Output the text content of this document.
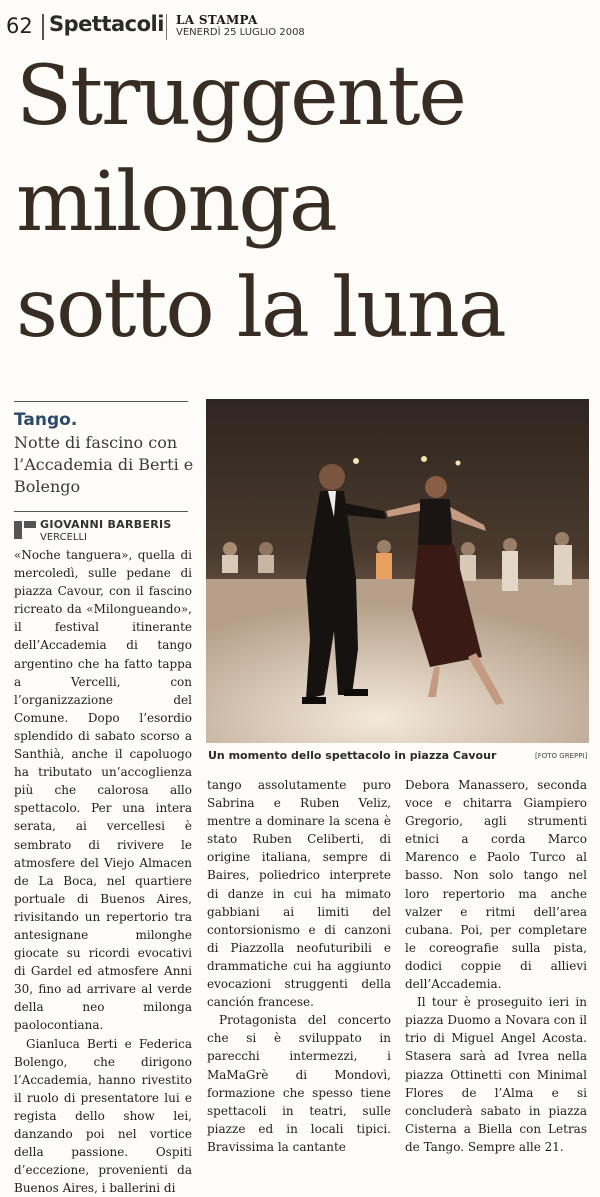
62 Spettacoli LA STAMPA
VENERDÌ 25 LUGLIO 2008
Struggente
milonga
sotto la luna
Tango.
Notte di fascino con l’Accademia di Berti e Bolengo
GIOVANNI BARBERIS
VERCELLI

«Noche tanguera», quella di mercoledì, sulle pedane di piazza Cavour, con il fascino ricreato da «Milongueando», il festival itinerante dell’Accademia di tango argentino che ha fatto tappa a Vercelli, con l’organizzazione del Comune. Dopo l’esordio splendido di sabato scorso a Santhià, anche il capoluogo ha tributato un’accoglienza più che calorosa allo spettacolo. Per una intera serata, ai vercellesi è sembrato di rivivere le atmosfere del Viejo Almacen de La Boca, nel quartiere portuale di Buenos Aires, rivisitando un repertorio tra antesignane milonghe giocate su ricordi evocativi di Gardel ed atmosfere Anni 30, fino ad arrivare al verde della neo milonga paolocontiana.

Gianluca Berti e Federica Bolengo, che dirigono l’Accademia, hanno rivestito il ruolo di presentatore lui e regista dello show lei, danzando poi nel vortice della passione. Ospiti d’eccezione, provenienti da Buenos Aires, i ballerini di

Un momento dello spettacolo in piazza Cavour	[FOTO GREPPI]

tango assolutamente puro Sabrina e Ruben Veliz, mentre a dominare la scena è stato Ruben Celiberti, di origine italiana, sempre di Baires, poliedrico interprete di danze in cui ha mimato gabbiani ai limiti del contorsionismo e di canzoni di Piazzolla neofuturibili e drammatiche cui ha aggiunto evocazioni struggenti della canción francese.

Protagonista del concerto che si è sviluppato in parecchi intermezzi, i MaMaGrè di Mondovì, formazione che spesso tiene spettacoli in teatri, sulle piazze ed in locali tipici. Bravissima la cantante

Debora Manassero, seconda voce e chitarra Giampiero Gregorio, agli strumenti etnici a corda Marco Marenco e Paolo Turco al basso. Non solo tango nel loro repertorio ma anche valzer e ritmi dell’area cubana. Poi, per completare le coreografie sulla pista, dodici coppie di allievi dell’Accademia.

Il tour è proseguito ieri in piazza Duomo a Novara con il trio di Miguel Angel Acosta. Stasera sarà ad Ivrea nella piazza Ottinetti con Minimal Flores de l’Alma e si concluderà sabato in piazza Cisterna a Biella con Letras de Tango. Sempre alle 21.
